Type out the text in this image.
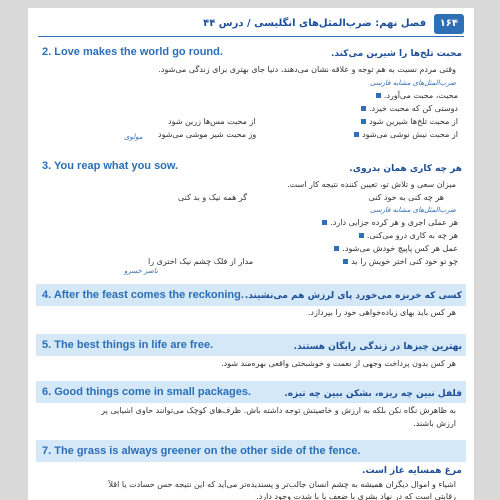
۱۶۴ فصل نهم: ضرب‌المثل‌های انگلیسی / درس ۴۴
2. Love makes the world go round.	محبت تلخ‌ها را شیرین می‌کند.
وقتی مردم نسبت به هم توجه و علاقه نشان می‌دهند، دنیا جای بهتری برای زندگی می‌شود.
ضرب‌المثل‌های مشابه فارسی
محبت، محبت می‌آورد.
دوستی کن که محبت خیزد.
از محبت تلخ‌ها شیرین شود
از محبت مس‌ها زرین شود
از محبت نیش نوشی می‌شود
وز محبت شیر موشی می‌شود
مولوی
3. You reap what you sow.	هر چه کاری همان بدروی.
میزان سعی و تلاش تو، تعیین کننده نتیجه کار است.
هر چه کنی به خود کنی
گر همه نیک و بد کنی
ضرب‌المثل‌های مشابه فارسی
هر عملی اجری و هر کرده جزایی دارد.
هر چه به کاری درو می‌کنی.
عمل هر کس پاپیچ خودش می‌شود.
چو تو خود کنی اختر خویش را بد
مدار از فلک چشم نیک اختری را
ناصر خسرو
4. After the feast comes the reckoning. کسی که خربزه می‌خورد پای لرزش هم می‌نشیند.
هر کس باید بهای زیاده‌خواهی خود را بپردازد.
5. The best things in life are free.	بهترین چیزها در زندگی رایگان هستند.
هر کس بدون پرداخت وجهی از نعمت و خوشبختی واقعی بهره‌مند شود.
6. Good things come in small packages.	فلفل نبین چه ریزه، بشکن ببین چه تیزه.
به ظاهرش نگاه نکن بلکه به ارزش و خاصیتش توجه داشته باش. ظرف‌های کوچک می‌توانند حاوی اشیایی پر
ارزش باشند.
7. The grass is always greener on the other side of the fence.
مرغ همسایه غاز است.
اشیاء و اموال دیگران همیشه به چشم انسان جالب‌تر و پسندیده‌تر می‌آید که این نتیجه حس حسادت یا اقلاً
رقابتی است که در نهاد بشری با ضعف یا با شدت وجود دارد.
